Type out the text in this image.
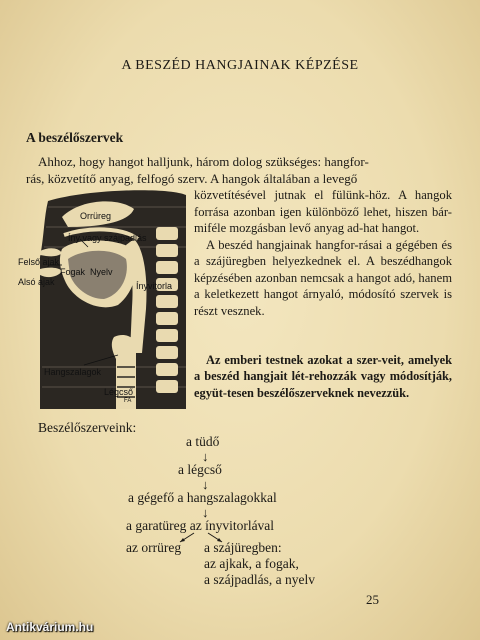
A BESZÉD HANGJAINAK KÉPZÉSE
A beszélőszervek
Ahhoz, hogy hangot halljunk, három dolog szükséges: hangfor-
rás, közvetítő anyag, felfogó szerv. A hangok általában a levegő

közvetítésével jutnak el fülünk-höz. A hangok forrása azonban igen különböző lehet, hiszen bár-miféle mozgásban levő anyag ad-hat hangot.

A beszéd hangjainak hangfor-rásai a gégében és a szájüregben helyezkednek el. A beszédhangok képzésében azonban nemcsak a hangot adó, hanem a keletkezett hangot árnyaló, módosító szervek is részt vesznek.

Az emberi testnek azokat a szer-veit, amelyek a beszéd hangjait lét-rehozzák vagy módosítják, együt-tesen beszélőszerveknek nevezzük.
Orrüreg
Íny vagy szájpadlás
Felső ajak
Fogak Nyelv
Alsó ajak	Ínyvitorla
Hangszalagok
Légcső
FA
Beszélőszerveink:
a tüdő
↓
a légcső
↓
a gégefő a hangszalagokkal
↓
a garatüreg az ínyvitorlával
az orrüreg a szájüregben:
az ajkak, a fogak,
a szájpadlás, a nyelv
25
Antikvárium.hu
